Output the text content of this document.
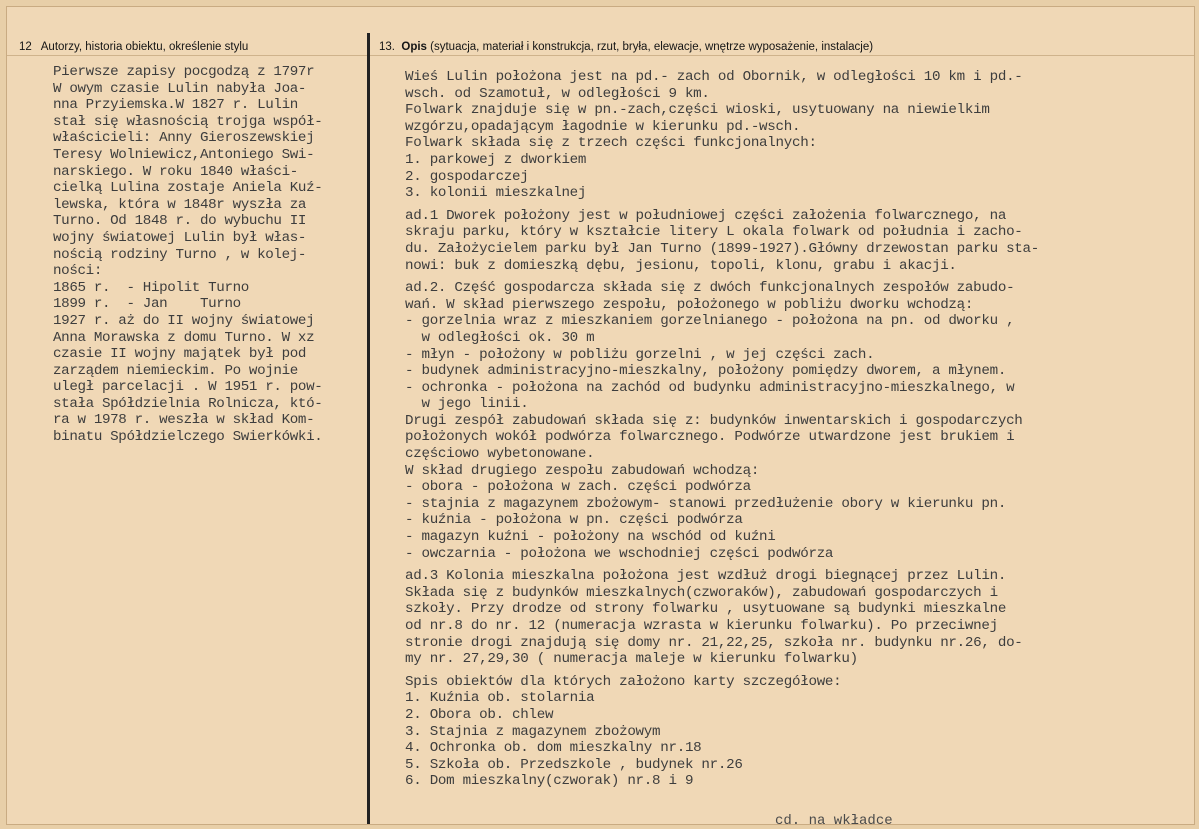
12 Autorzy, historia obiektu, określenie stylu	13. Opis (sytuacja, materiał i konstrukcja, rzut, bryła, elewacje, wnętrze wyposażenie, instalacje)
Pierwsze zapisy pocgodzą z 1797r
W owym czasie Lulin nabyła Joa-
nna Przyiemska.W 1827 r. Lulin
stał się własnością trojga współ-
właścicieli: Anny Gieroszewskiej
Teresy Wolniewicz,Antoniego Swi-
narskiego. W roku 1840 właści-
cielką Lulina zostaje Aniela Kuź-
lewska, która w 1848r wyszła za
Turno. Od 1848 r. do wybuchu II
wojny światowej Lulin był włas-
nością rodziny Turno , w kolej-
ności:
1865 r.  - Hipolit Turno
1899 r.  - Jan    Turno
1927 r. aż do II wojny światowej
Anna Morawska z domu Turno. W xz
czasie II wojny majątek był pod
zarządem niemieckim. Po wojnie
uległ parcelacji . W 1951 r. pow-
stała Spółdzielnia Rolnicza, któ-
ra w 1978 r. weszła w skład Kom-
binatu Spółdzielczego Swierkówki.
Wieś Lulin położona jest na pd.- zach od Obornik, w odległości 10 km i pd.-
wsch. od Szamotuł, w odległości 9 km.
Folwark znajduje się w pn.-zach,części wioski, usytuowany na niewielkim
wzgórzu,opadającym łagodnie w kierunku pd.-wsch.
Folwark składa się z trzech części funkcjonalnych:
1. parkowej z dworkiem
2. gospodarczej
3. kolonii mieszkalnej
ad.1 Dworek położony jest w południowej części założenia folwarcznego, na
skraju parku, który w kształcie litery L okala folwark od południa i zacho-
du. Założycielem parku był Jan Turno (1899-1927).Główny drzewostan parku sta-
nowi: buk z domieszką dębu, jesionu, topoli, klonu, grabu i akacji.
ad.2. Część gospodarcza składa się z dwóch funkcjonalnych zespołów zabudo-
wań. W skład pierwszego zespołu, położonego w pobliżu dworku wchodzą:
- gorzelnia wraz z mieszkaniem gorzelnianego - położona na pn. od dworku ,
w odległości ok. 30 m
- młyn - położony w pobliżu gorzelni , w jej części zach.
- budynek administracyjno-mieszkalny, położony pomiędzy dworem, a młynem.
- ochronka - położona na zachód od budynku administracyjno-mieszkalnego, w
w jego linii.
Drugi zespół zabudowań składa się z: budynków inwentarskich i gospodarczych
położonych wokół podwórza folwarcznego. Podwórze utwardzone jest brukiem i
częściowo wybetonowane.
W skład drugiego zespołu zabudowań wchodzą:
- obora - położona w zach. części podwórza
- stajnia z magazynem zbożowym- stanowi przedłużenie obory w kierunku pn.
- kuźnia - położona w pn. części podwórza
- magazyn kuźni - położony na wschód od kuźni
- owczarnia - położona we wschodniej części podwórza
ad.3 Kolonia mieszkalna położona jest wzdłuż drogi biegnącej przez Lulin.
Składa się z budynków mieszkalnych(czworaków), zabudowań gospodarczych i
szkoły. Przy drodze od strony folwarku , usytuowane są budynki mieszkalne
od nr.8 do nr. 12 (numeracja wzrasta w kierunku folwarku). Po przeciwnej
stronie drogi znajdują się domy nr. 21,22,25, szkoła nr. budynku nr.26, do-
my nr. 27,29,30 ( numeracja maleje w kierunku folwarku)
Spis obiektów dla których założono karty szczegółowe:
1. Kuźnia ob. stolarnia
2. Obora ob. chlew
3. Stajnia z magazynem zbożowym
4. Ochronka ob. dom mieszkalny nr.18
5. Szkoła ob. Przedszkole , budynek nr.26
6. Dom mieszkalny(czworak) nr.8 i 9
cd. na wkładce
